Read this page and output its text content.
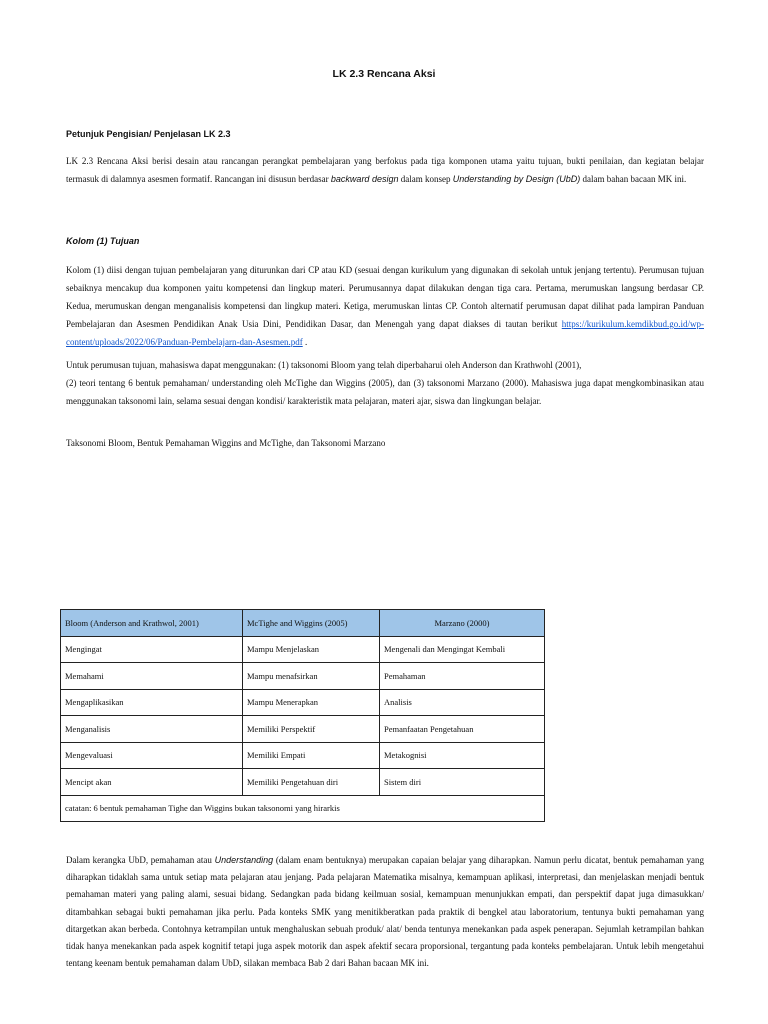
LK 2.3 Rencana Aksi
Petunjuk Pengisian/ Penjelasan LK 2.3
LK 2.3 Rencana Aksi berisi desain atau rancangan perangkat pembelajaran yang berfokus pada tiga komponen utama yaitu tujuan, bukti penilaian, dan kegiatan belajar termasuk di dalamnya asesmen formatif. Rancangan ini disusun berdasar backward design dalam konsep Understanding by Design (UbD) dalam bahan bacaan MK ini.
Kolom (1) Tujuan
Kolom (1) diisi dengan tujuan pembelajaran yang diturunkan dari CP atau KD (sesuai dengan kurikulum yang digunakan di sekolah untuk jenjang tertentu). Perumusan tujuan sebaiknya mencakup dua komponen yaitu kompetensi dan lingkup materi. Perumusannya dapat dilakukan dengan tiga cara. Pertama, merumuskan langsung berdasar CP. Kedua, merumuskan dengan menganalisis kompetensi dan lingkup materi. Ketiga, merumuskan lintas CP. Contoh alternatif perumusan dapat dilihat pada lampiran Panduan Pembelajaran dan Asesmen Pendidikan Anak Usia Dini, Pendidikan Dasar, dan Menengah yang dapat diakses di tautan berikut https://kurikulum.kemdikbud.go.id/wp- content/uploads/2022/06/Panduan-Pembelajarn-dan-Asesmen.pdf .
Untuk perumusan tujuan, mahasiswa dapat menggunakan: (1) taksonomi Bloom yang telah diperbaharui oleh Anderson dan Krathwohl (2001),
(2) teori tentang 6 bentuk pemahaman/ understanding oleh McTighe dan Wiggins (2005), dan (3) taksonomi Marzano (2000). Mahasiswa juga dapat mengkombinasikan atau menggunakan taksonomi lain, selama sesuai dengan kondisi/ karakteristik mata pelajaran, materi ajar, siswa dan lingkungan belajar.
Taksonomi Bloom, Bentuk Pemahaman Wiggins and McTighe, dan Taksonomi Marzano
Bloom (Anderson and Krathwol, 2001)	McTighe and Wiggins (2005)	Marzano (2000)
Mengingat	Mampu Menjelaskan	Mengenali dan Mengingat Kembali
Memahami	Mampu menafsirkan	Pemahaman
Mengaplikasikan	Mampu Menerapkan	Analisis
Menganalisis	Memiliki Perspektif	Pemanfaatan Pengetahuan
Mengevaluasi	Memiliki Empati	Metakognisi
Mencipt akan	Memiliki Pengetahuan diri	Sistem diri
catatan: 6 bentuk pemahaman Tighe dan Wiggins bukan taksonomi yang hirarkis		
Dalam kerangka UbD, pemahaman atau Understanding (dalam enam bentuknya) merupakan capaian belajar yang diharapkan. Namun perlu dicatat, bentuk pemahaman yang diharapkan tidaklah sama untuk setiap mata pelajaran atau jenjang. Pada pelajaran Matematika misalnya, kemampuan aplikasi, interpretasi, dan menjelaskan menjadi bentuk pemahaman materi yang paling alami, sesuai bidang. Sedangkan pada bidang keilmuan sosial, kemampuan menunjukkan empati, dan perspektif dapat juga dimasukkan/ ditambahkan sebagai bukti pemahaman jika perlu. Pada konteks SMK yang menitikberatkan pada praktik di bengkel atau laboratorium, tentunya bukti pemahaman yang ditargetkan akan berbeda. Contohnya ketrampilan untuk menghaluskan sebuah produk/ alat/ benda tentunya menekankan pada aspek penerapan. Sejumlah ketrampilan bahkan tidak hanya menekankan pada aspek kognitif tetapi juga aspek motorik dan aspek afektif secara proporsional, tergantung pada konteks pembelajaran. Untuk lebih mengetahui tentang keenam bentuk pemahaman dalam UbD, silakan membaca Bab 2 dari Bahan bacaan MK ini.
